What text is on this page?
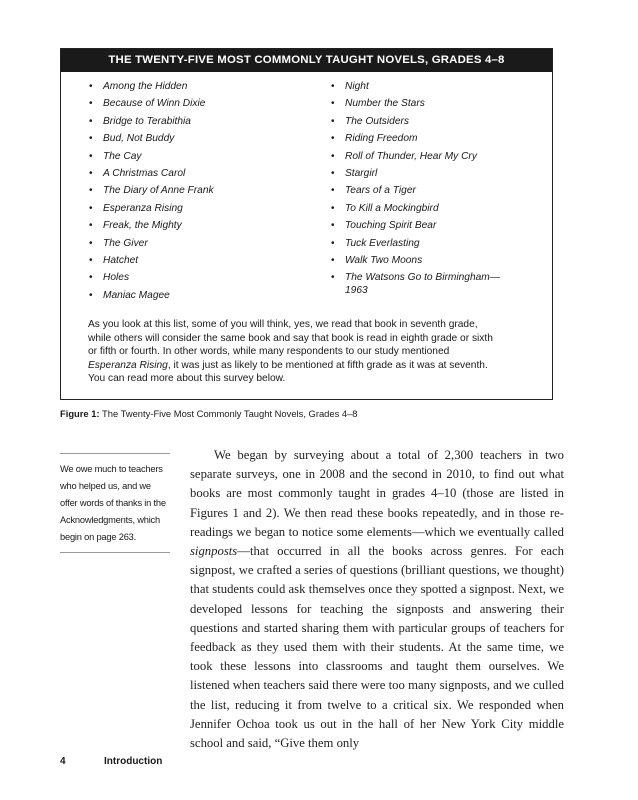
THE TWENTY-FIVE MOST COMMONLY TAUGHT NOVELS, GRADES 4–8
• Among the Hidden
• Because of Winn Dixie
• Bridge to Terabithia
• Bud, Not Buddy
• The Cay
• A Christmas Carol
• The Diary of Anne Frank
• Esperanza Rising
• Freak, the Mighty
• The Giver
• Hatchet
• Holes
• Maniac Magee
• Night
• Number the Stars
• The Outsiders
• Riding Freedom
• Roll of Thunder, Hear My Cry
• Stargirl
• Tears of a Tiger
• To Kill a Mockingbird
• Touching Spirit Bear
• Tuck Everlasting
• Walk Two Moons
• The Watsons Go to Birmingham—
1963

As you look at this list, some of you will think, yes, we read that book in seventh grade, while others will consider the same book and say that book is read in eighth grade or sixth or fifth or fourth. In other words, while many respondents to our study mentioned Esperanza Rising, it was just as likely to be mentioned at fifth grade as it was at seventh. You can read more about this survey below.

Figure 1: The Twenty-Five Most Commonly Taught Novels, Grades 4–8

We owe much to teachers who helped us, and we offer words of thanks in the Acknowledgments, which begin on page 263.

We began by surveying about a total of 2,300 teachers in two separate surveys, one in 2008 and the second in 2010, to find out what books are most commonly taught in grades 4–10 (those are listed in Figures 1 and 2). We then read these books repeatedly, and in those re-readings we began to notice some elements—which we eventually called signposts—that occurred in all the books across genres. For each signpost, we crafted a series of questions (brilliant questions, we thought) that students could ask themselves once they spotted a signpost. Next, we developed lessons for teaching the signposts and answering their questions and started sharing them with particular groups of teachers for feedback as they used them with their students. At the same time, we took these lessons into classrooms and taught them ourselves. We listened when teachers said there were too many signposts, and we culled the list, reducing it from twelve to a critical six. We responded when Jennifer Ochoa took us out in the hall of her New York City middle school and said, “Give them only

4	Introduction
